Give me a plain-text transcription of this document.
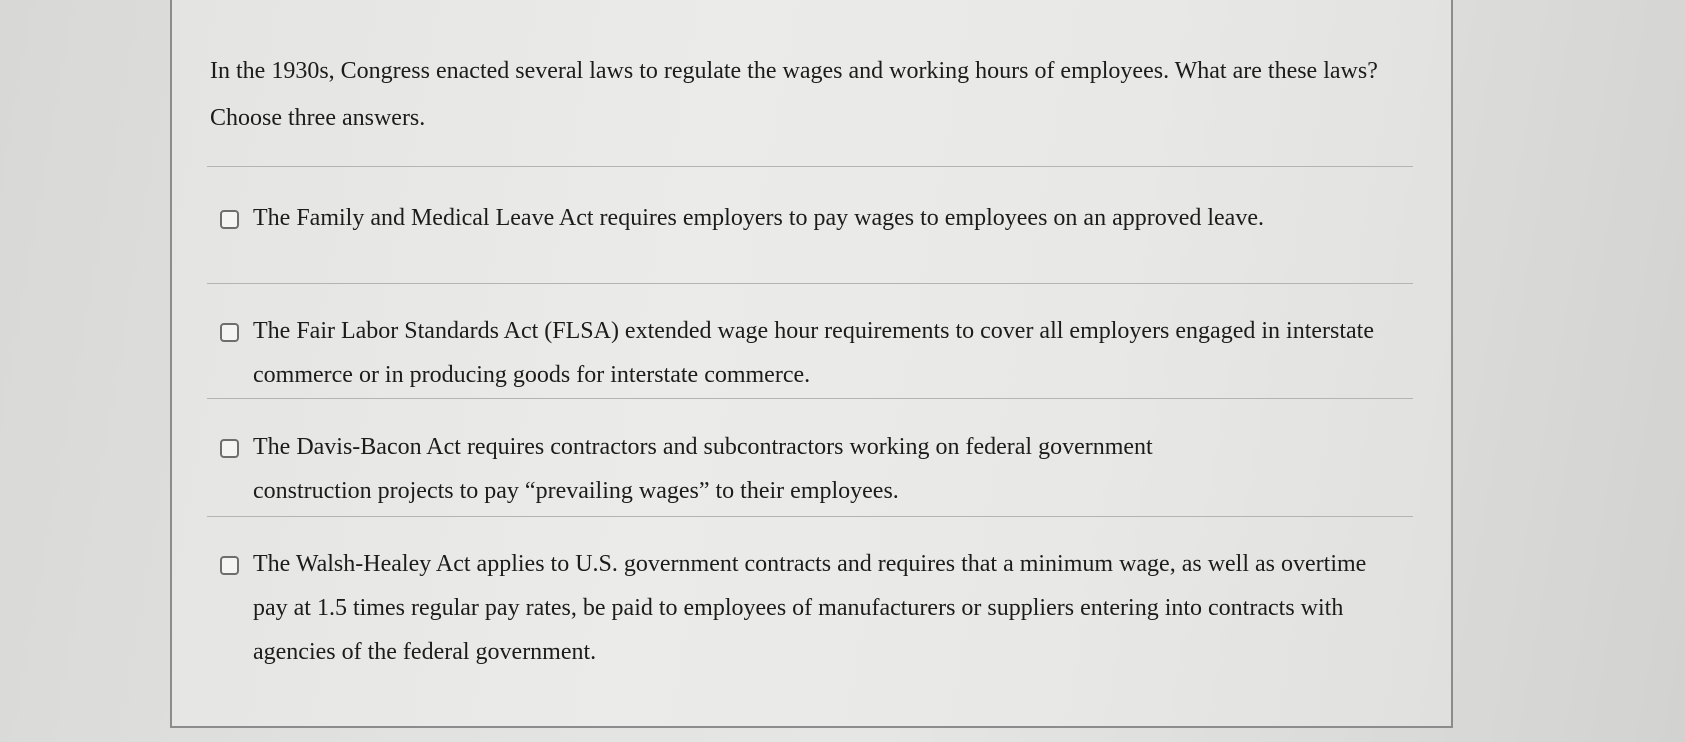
In the 1930s, Congress enacted several laws to regulate the wages and working hours of employees. What are these laws? Choose three answers.

The Family and Medical Leave Act requires employers to pay wages to employees on an approved leave.

The Fair Labor Standards Act (FLSA) extended wage hour requirements to cover all employers engaged in interstate commerce or in producing goods for interstate commerce.

The Davis-Bacon Act requires contractors and subcontractors working on federal government construction projects to pay “prevailing wages” to their employees.

The Walsh-Healey Act applies to U.S. government contracts and requires that a minimum wage, as well as overtime pay at 1.5 times regular pay rates, be paid to employees of manufacturers or suppliers entering into contracts with agencies of the federal government.
